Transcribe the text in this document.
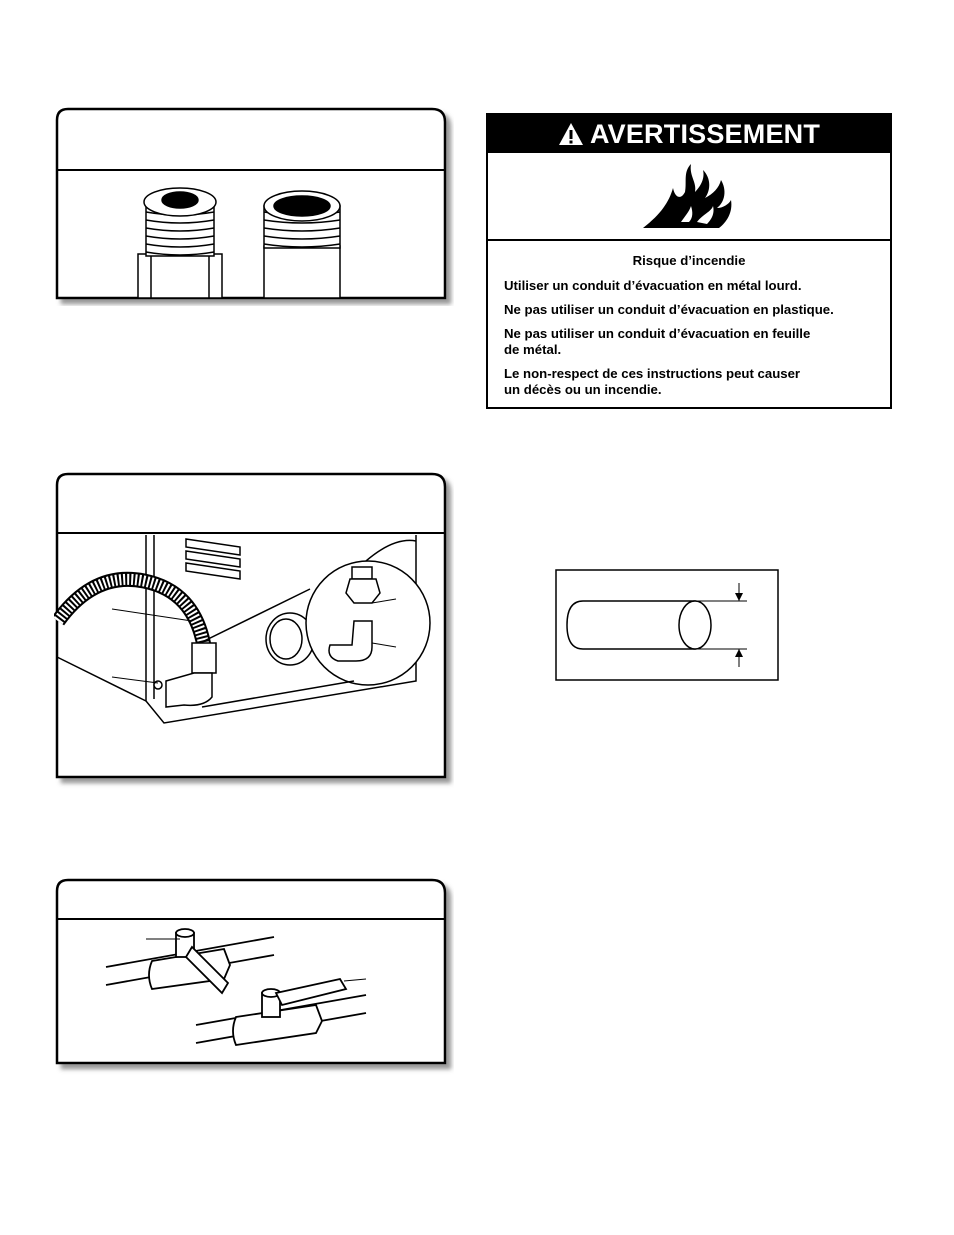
AVERTISSEMENT
Risque d’incendie

Utiliser un conduit d’évacuation en métal lourd.

Ne pas utiliser un conduit d’évacuation en plastique.

Ne pas utiliser un conduit d’évacuation en feuille
de métal.

Le non-respect de ces instructions peut causer
un décès ou un incendie.
